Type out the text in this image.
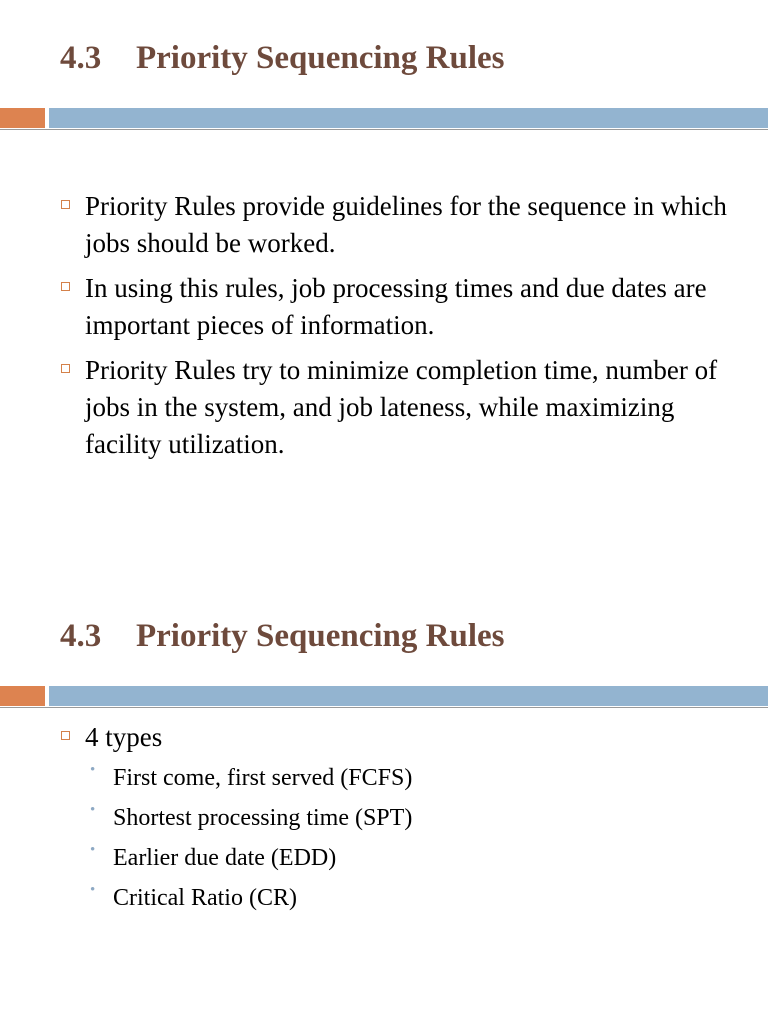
4.3 Priority Sequencing Rules
Priority Rules provide guidelines for the sequence in which jobs should be worked.
In using this rules, job processing times and due dates are important pieces of information.
Priority Rules try to minimize completion time, number of jobs in the system, and job lateness, while maximizing facility utilization.
4.3 Priority Sequencing Rules
4 types
• First come, first served (FCFS)
• Shortest processing time (SPT)
• Earlier due date (EDD)
• Critical Ratio (CR)
